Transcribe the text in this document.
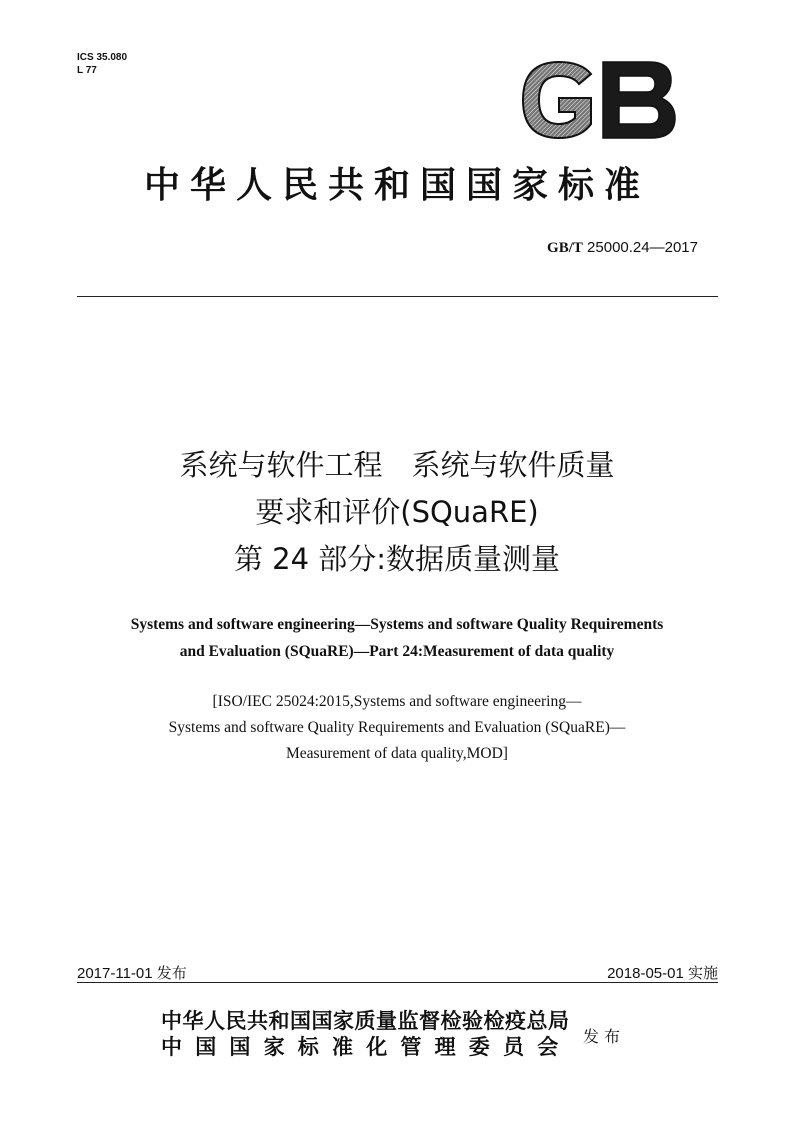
ICS 35.080
L 77
中华人民共和国国家标准
GB/T 25000.24—2017
系统与软件工程　系统与软件质量
要求和评价(SQuaRE)
第 24 部分:数据质量测量
Systems and software engineering—Systems and software Quality Requirements
and Evaluation (SQuaRE)—Part 24:Measurement of data quality
[ISO/IEC 25024:2015,Systems and software engineering—
Systems and software Quality Requirements and Evaluation (SQuaRE)—
Measurement of data quality,MOD]
2017-11-01 发布	2018-05-01 实施
中华人民共和国国家质量监督检验检疫总局
中国国家标准化管理委员会 发布
